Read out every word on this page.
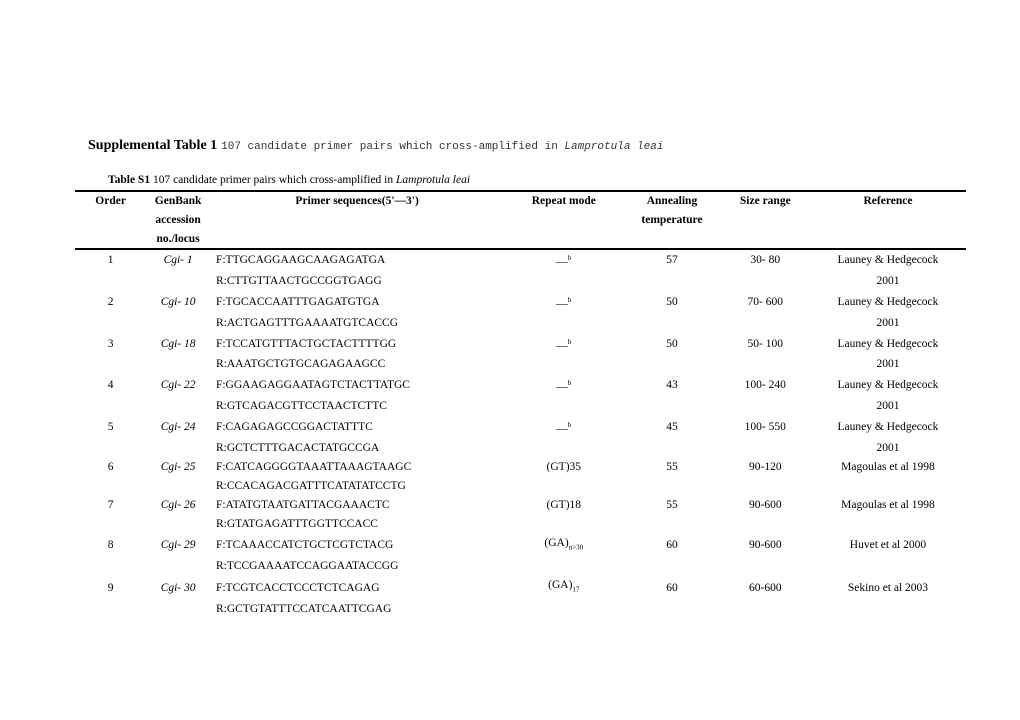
Supplemental Table 1 107 candidate primer pairs which cross-amplified in Lamprotula leai
Table S1 107 candidate primer pairs which cross-amplified in Lamprotula leai
Order	GenBank	Primer sequences(5'—3')	Repeat mode	Annealing	Size range	Reference
	accession			temperature		
	no./locus					
1	Cgi- 1	F:TTGCAGGAAGCAAGAGATGA	—$^b$	57	30- 80	Launey & Hedgecock
		R:CTTGTTAACTGCCGGTGAGG				2001
2	Cgi- 10	F:TGCACCAATTTGAGATGTGA	—$^b$	50	70- 600	Launey & Hedgecock
		R:ACTGAGTTTGAAAATGTCACCG				2001
3	Cgi- 18	F:TCCATGTTTACTGCTACTTTTGG	—$^b$	50	50- 100	Launey & Hedgecock
		R:AAATGCTGTGCAGAGAAGCC				2001
4	Cgi- 22	F:GGAAGAGGAATAGTCTACTTATGC	—$^b$	43	100- 240	Launey & Hedgecock
		R:GTCAGACGTTCCTAACTCTTC				2001
5	Cgi- 24	F:CAGAGAGCCGGACTATTTC	—$^b$	45	100- 550	Launey & Hedgecock
		R:GCTCTTTGACACTATGCCGA				2001
6	Cgi- 25	F:CATCAGGGGTAAATTAAAGTAAGC	(GT)35	55	90-120	Magoulas et al 1998
		R:CCACAGACGATTTCATATATCCTG				
7	Cgi- 26	F:ATATGTAATGATTACGAAACTC	(GT)18	55	90-600	Magoulas et al 1998
		R:GTATGAGATTTGGTTCCACC				
8	Cgi- 29	F:TCAAACCATCTGCTCGTCTACG	$(GA)_{n>30}$	60	90-600	Huvet et al 2000
		R:TCCGAAAATCCAGGAATACCGG				
9	Cgi- 30	F:TCGTCACCTCCCTCTCAGAG	$(GA)_{17}$	60	60-600	Sekino et al 2003
		R:GCTGTATTTCCATCAATTCGAG				
